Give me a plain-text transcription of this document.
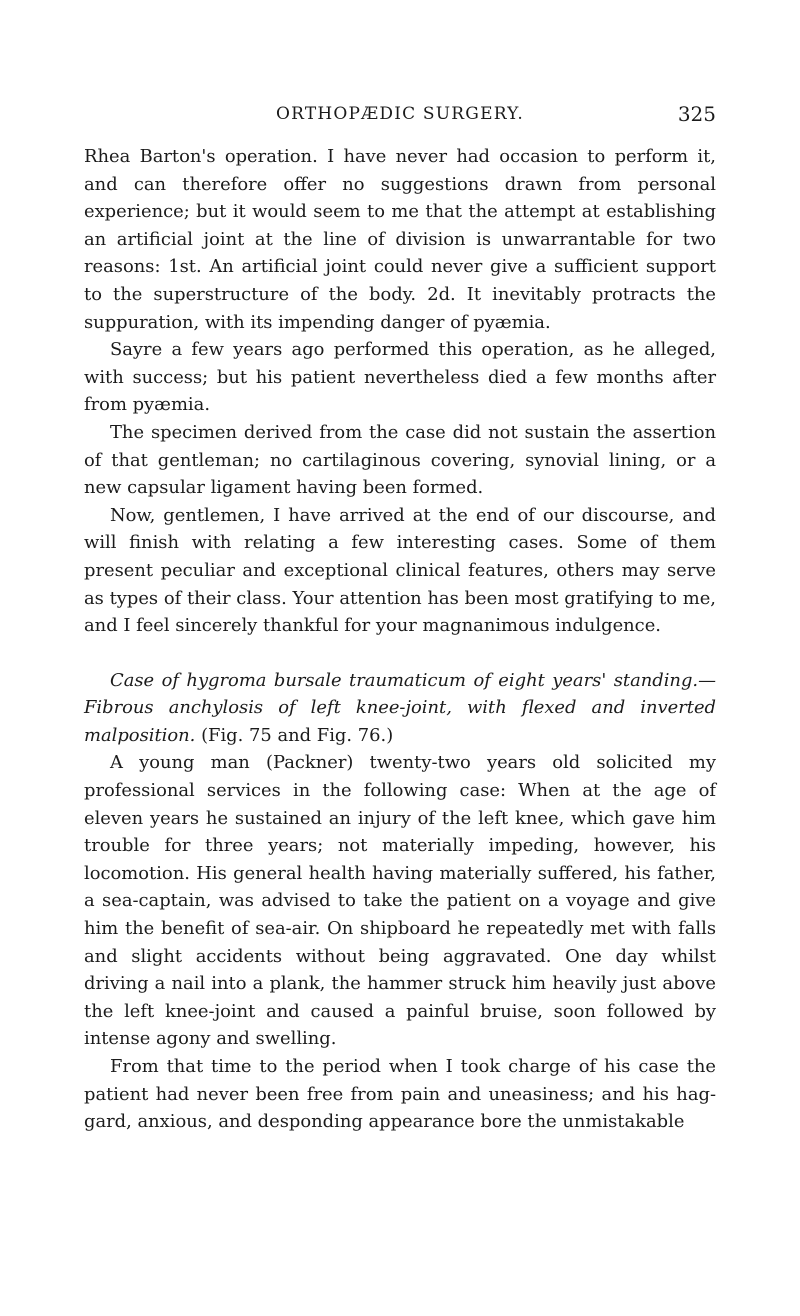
ORTHOPÆDIC SURGERY.	325

Rhea Barton's operation. I have never had occasion to perform it, and can therefore offer no suggestions drawn from personal experience; but it would seem to me that the attempt at establishing an artificial joint at the line of division is unwarrantable for two reasons: 1st. An artificial joint could never give a sufficient support to the superstructure of the body. 2d. It inevitably protracts the suppuration, with its impending danger of pyæmia.

Sayre a few years ago performed this operation, as he alleged, with success; but his patient nevertheless died a few months after from pyæmia.

The specimen derived from the case did not sustain the assertion of that gentleman; no cartilaginous covering, synovial lining, or a new capsular ligament having been formed.

Now, gentlemen, I have arrived at the end of our discourse, and will finish with relating a few interesting cases. Some of them present peculiar and exceptional clinical features, others may serve as types of their class. Your attention has been most gratifying to me, and I feel sincerely thankful for your magnanimous indulgence.

Case of hygroma bursale traumaticum of eight years' standing.— Fibrous anchylosis of left knee-joint, with flexed and inverted malposition. (Fig. 75 and Fig. 76.)

A young man (Packner) twenty-two years old solicited my professional services in the following case: When at the age of eleven years he sustained an injury of the left knee, which gave him trouble for three years; not materially impeding, however, his locomotion. His general health having materially suffered, his father, a sea-captain, was advised to take the patient on a voyage and give him the benefit of sea-air. On shipboard he repeatedly met with falls and slight accidents without being aggravated. One day whilst driving a nail into a plank, the hammer struck him heavily just above the left knee-joint and caused a painful bruise, soon followed by intense agony and swelling.

From that time to the period when I took charge of his case the patient had never been free from pain and uneasiness; and his haggard, anxious, and desponding appearance bore the unmistakable
